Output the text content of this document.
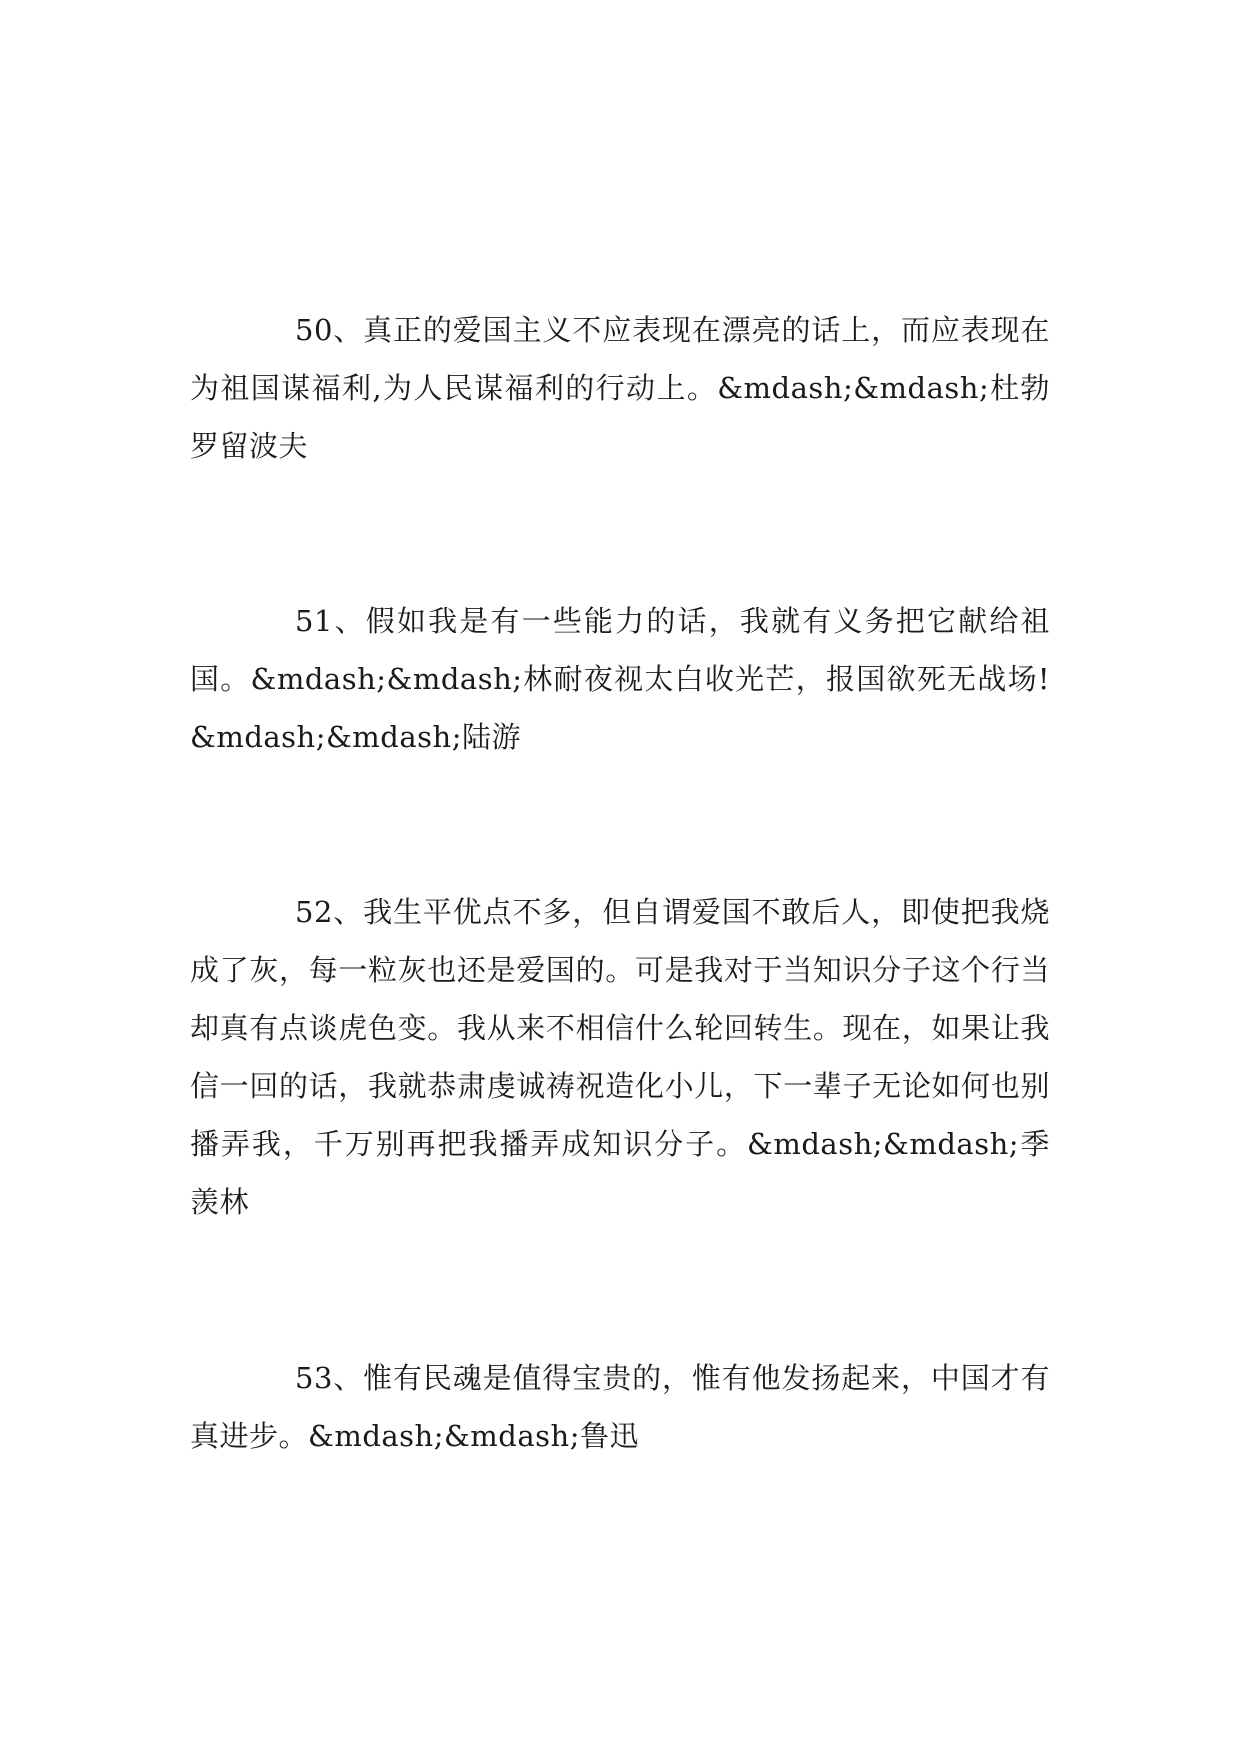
50、真正的爱国主义不应表现在漂亮的话上，而应表现在为祖国谋福利,为人民谋福利的行动上。&mdash;&mdash;杜勃罗留波夫

51、假如我是有一些能力的话，我就有义务把它献给祖国。&mdash;&mdash;林耐夜视太白收光芒，报国欲死无战场!&mdash;&mdash;陆游

52、我生平优点不多，但自谓爱国不敢后人，即使把我烧成了灰，每一粒灰也还是爱国的。可是我对于当知识分子这个行当却真有点谈虎色变。我从来不相信什么轮回转生。现在，如果让我信一回的话，我就恭肃虔诚祷祝造化小儿，下一辈子无论如何也别播弄我，千万别再把我播弄成知识分子。&mdash;&mdash;季羡林

53、惟有民魂是值得宝贵的，惟有他发扬起来，中国才有真进步。&mdash;&mdash;鲁迅
